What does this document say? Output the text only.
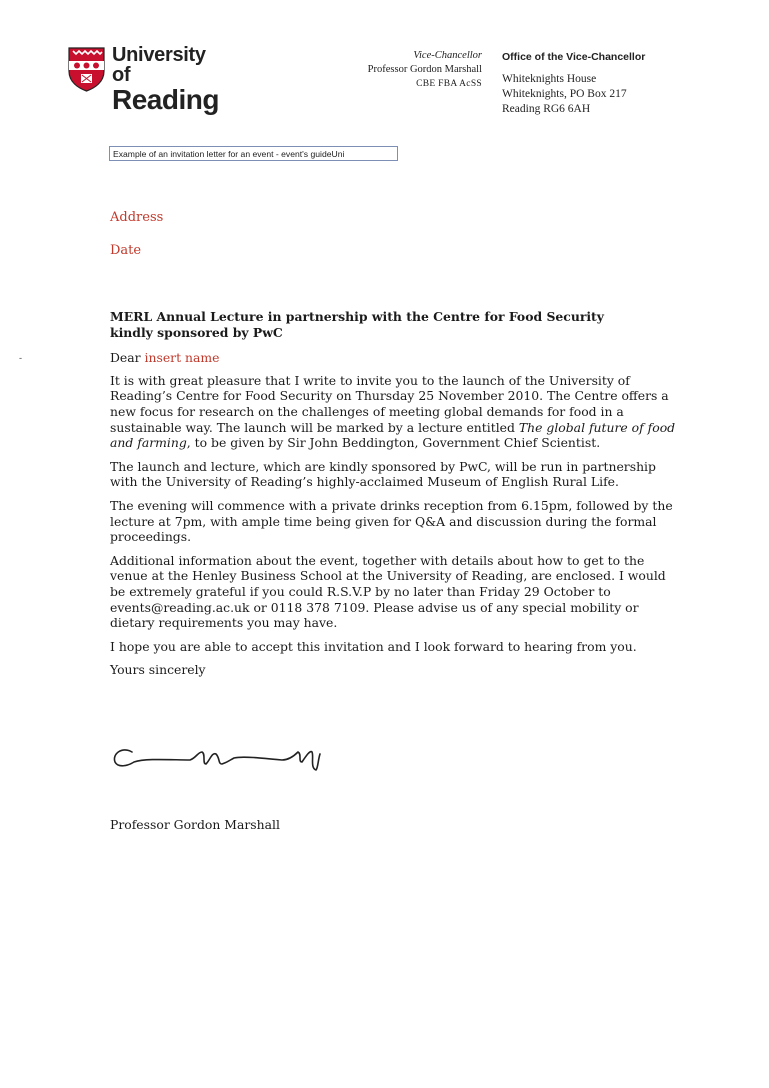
University of
Reading
Vice-Chancellor
Professor Gordon Marshall
CBE FBA AcSS
Office of the Vice-Chancellor
Whiteknights House
Whiteknights, PO Box 217
Reading RG6 6AH
Example of an invitation letter for an event - event's guideUni
Address
Date
-
MERL Annual Lecture in partnership with the Centre for Food Security
kindly sponsored by PwC

Dear insert name

It is with great pleasure that I write to invite you to the launch of the University of Reading’s Centre for Food Security on Thursday 25 November 2010. The Centre offers a new focus for research on the challenges of meeting global demands for food in a sustainable way. The launch will be marked by a lecture entitled The global future of food and farming, to be given by Sir John Beddington, Government Chief Scientist.

The launch and lecture, which are kindly sponsored by PwC, will be run in partnership with the University of Reading’s highly-acclaimed Museum of English Rural Life.

The evening will commence with a private drinks reception from 6.15pm, followed by the lecture at 7pm, with ample time being given for Q&A and discussion during the formal proceedings.

Additional information about the event, together with details about how to get to the venue at the Henley Business School at the University of Reading, are enclosed. I would be extremely grateful if you could R.S.V.P by no later than Friday 29 October to events@reading.ac.uk or 0118 378 7109. Please advise us of any special mobility or dietary requirements you may have.

I hope you are able to accept this invitation and I look forward to hearing from you.

Yours sincerely

Professor Gordon Marshall
